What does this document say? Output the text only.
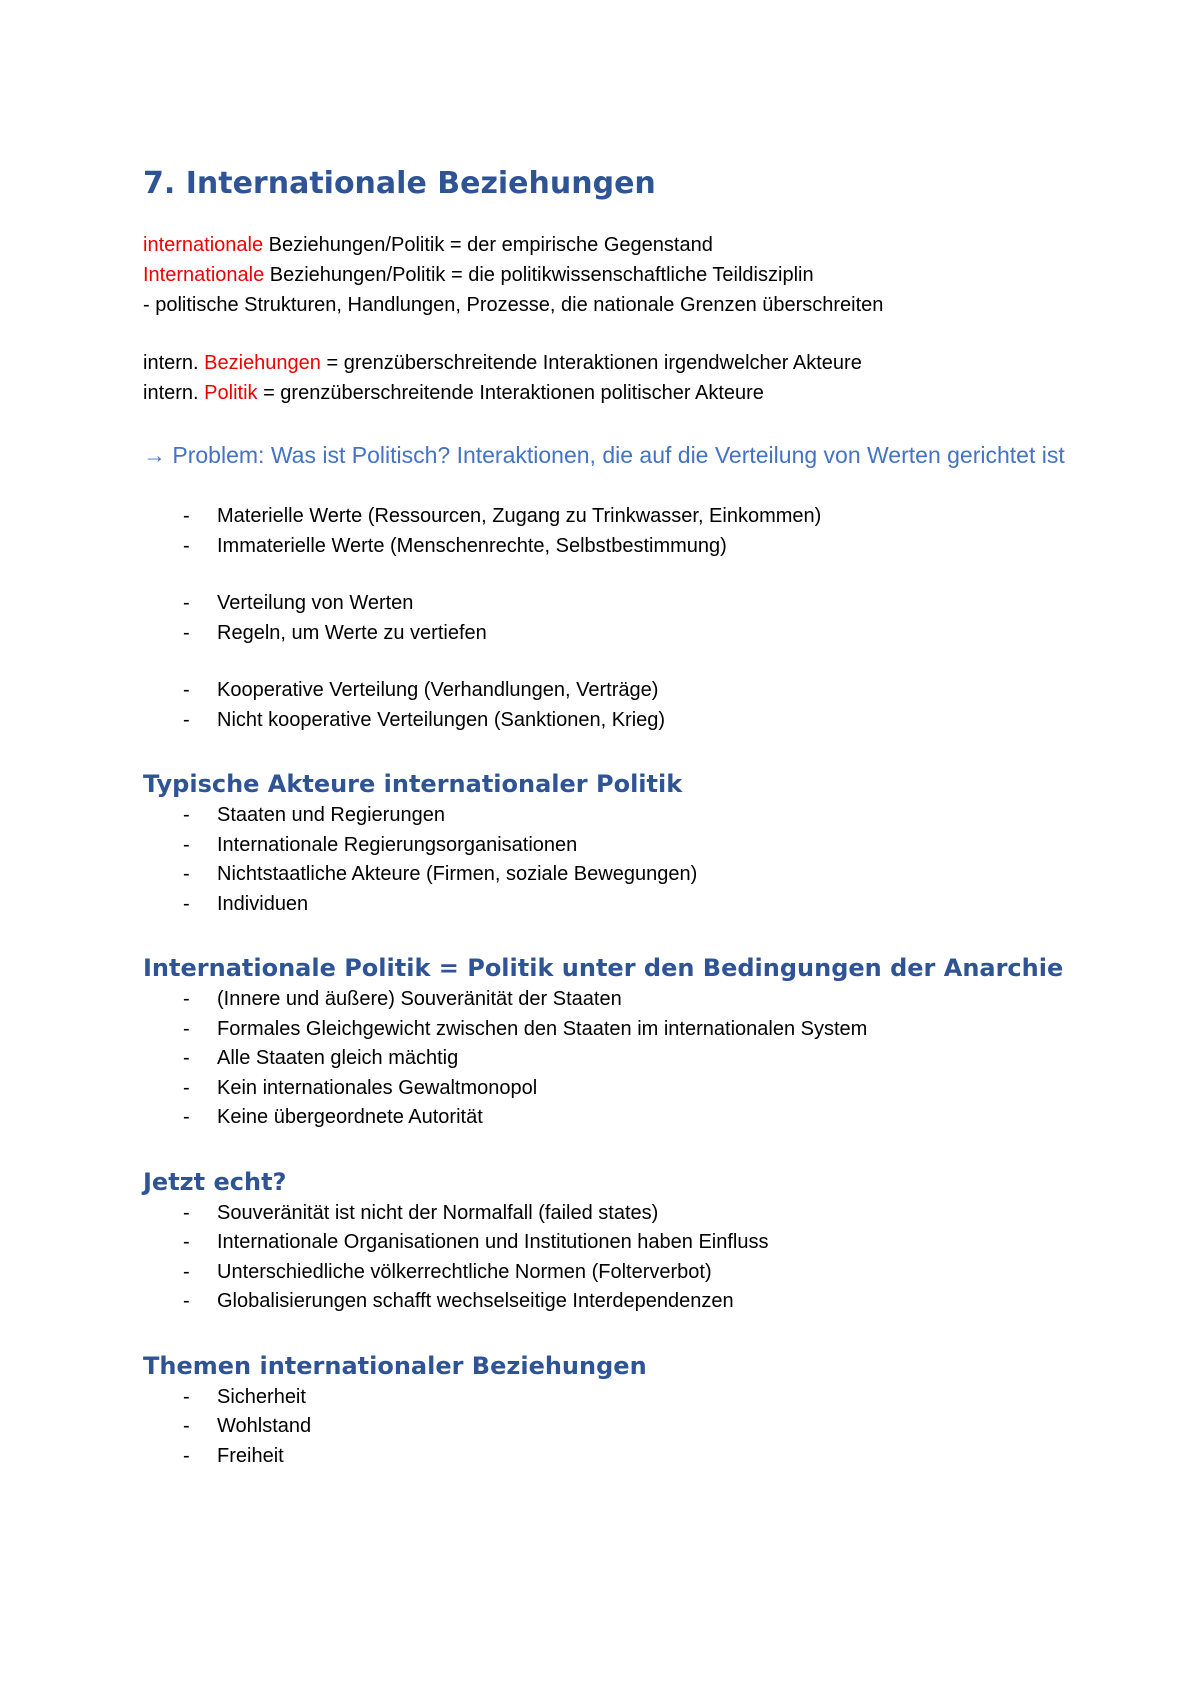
7. Internationale Beziehungen
internationale Beziehungen/Politik = der empirische Gegenstand
Internationale Beziehungen/Politik = die politikwissenschaftliche Teildisziplin
- politische Strukturen, Handlungen, Prozesse, die nationale Grenzen überschreiten
intern. Beziehungen = grenzüberschreitende Interaktionen irgendwelcher Akteure
intern. Politik = grenzüberschreitende Interaktionen politischer Akteure
→ Problem: Was ist Politisch? Interaktionen, die auf die Verteilung von Werten gerichtet ist
- Materielle Werte (Ressourcen, Zugang zu Trinkwasser, Einkommen)
- Immaterielle Werte (Menschenrechte, Selbstbestimmung)
- Verteilung von Werten
- Regeln, um Werte zu vertiefen
- Kooperative Verteilung (Verhandlungen, Verträge)
- Nicht kooperative Verteilungen (Sanktionen, Krieg)
Typische Akteure internationaler Politik
- Staaten und Regierungen
- Internationale Regierungsorganisationen
- Nichtstaatliche Akteure (Firmen, soziale Bewegungen)
- Individuen
Internationale Politik = Politik unter den Bedingungen der Anarchie
- (Innere und äußere) Souveränität der Staaten
- Formales Gleichgewicht zwischen den Staaten im internationalen System
- Alle Staaten gleich mächtig
- Kein internationales Gewaltmonopol
- Keine übergeordnete Autorität
Jetzt echt?
- Souveränität ist nicht der Normalfall (failed states)
- Internationale Organisationen und Institutionen haben Einfluss
- Unterschiedliche völkerrechtliche Normen (Folterverbot)
- Globalisierungen schafft wechselseitige Interdependenzen
Themen internationaler Beziehungen
- Sicherheit
- Wohlstand
- Freiheit
